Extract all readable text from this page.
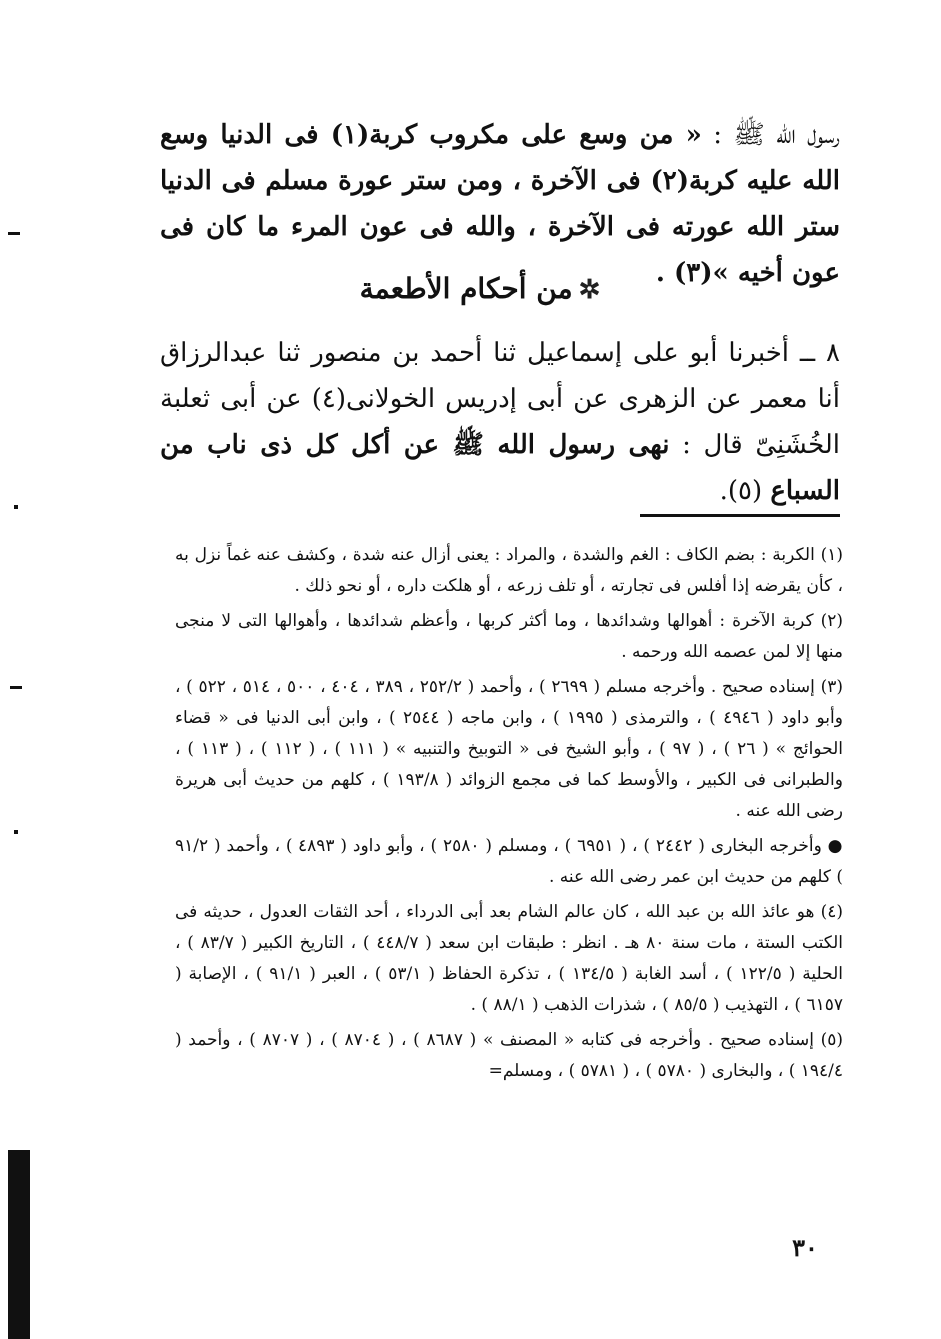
رسول الله ﷺ : « من وسع على مكروب كربة(١) فى الدنيا وسع الله عليه كربة(٢) فى الآخرة ، ومن ستر عورة مسلم فى الدنيا ستر الله عورته فى الآخرة ، والله فى عون المرء ما كان فى عون أخيه »(٣) .
✲من أحكام الأطعمة
٨ ــ أخبرنا أبو على إسماعيل ثنا أحمد بن منصور ثنا عبدالرزاق أنا معمر عن الزهرى عن أبى إدريس الخولانى(٤) عن أبى ثعلبة الخُشَنِىّ قال : نهى رسول الله ﷺ عن أكل كل ذى ناب من السباع (٥).

(١) الكربة : بضم الكاف : الغم والشدة ، والمراد : يعنى أزال عنه شدة ، وكشف عنه غماً نزل به ، كأن يقرضه إذا أفلس فى تجارته ، أو تلف زرعه ، أو هلكت داره ، أو نحو ذلك .

(٢) كربة الآخرة : أهوالها وشدائدها ، وما أكثر كربها ، وأعظم شدائدها ، وأهوالها التى لا منجى منها إلا لمن عصمه الله ورحمه .

(٣) إسناده صحيح . وأخرجه مسلم ( ٢٦٩٩ ) ، وأحمد ( ٢٥٢/٢ ، ٣٨٩ ، ٤٠٤ ، ٥٠٠ ، ٥١٤ ، ٥٢٢ ) ، وأبو داود ( ٤٩٤٦ ) ، والترمذى ( ١٩٩٥ ) ، وابن ماجه ( ٢٥٤٤ ) ، وابن أبى الدنيا فى « قضاء الحوائج » ( ٢٦ ) ، ( ٩٧ ) ، وأبو الشيخ فى « التوبيخ والتنبيه » ( ١١١ ) ، ( ١١٢ ) ، ( ١١٣ ) ، والطبرانى فى الكبير ، والأوسط كما فى مجمع الزوائد ( ١٩٣/٨ ) ، كلهم من حديث أبى هريرة رضى الله عنه .

● وأخرجه البخارى ( ٢٤٤٢ ) ، ( ٦٩٥١ ) ، ومسلم ( ٢٥٨٠ ) ، وأبو داود ( ٤٨٩٣ ) ، وأحمد ( ٩١/٢ ) كلهم من حديث ابن عمر رضى الله عنه .

(٤) هو عائذ الله بن عبد الله ، كان عالم الشام بعد أبى الدرداء ، أحد الثقات العدول ، حديثه فى الكتب الستة ، مات سنة ٨٠ هـ . انظر : طبقات ابن سعد ( ٤٤٨/٧ ) ، التاريخ الكبير ( ٨٣/٧ ) ، الحلية ( ١٢٢/٥ ) ، أسد الغابة ( ١٣٤/٥ ) ، تذكرة الحفاظ ( ٥٣/١ ) ، العبر ( ٩١/١ ) ، الإصابة ( ٦١٥٧ ) ، التهذيب ( ٨٥/٥ ) ، شذرات الذهب ( ٨٨/١ ) .

(٥) إسناده صحيح . وأخرجه فى كتابه « المصنف » ( ٨٦٨٧ ) ، ( ٨٧٠٤ ) ، ( ٨٧٠٧ ) ، وأحمد ( ١٩٤/٤ ) ، والبخارى ( ٥٧٨٠ ) ، ( ٥٧٨١ ) ، ومسلم=

٣٠
